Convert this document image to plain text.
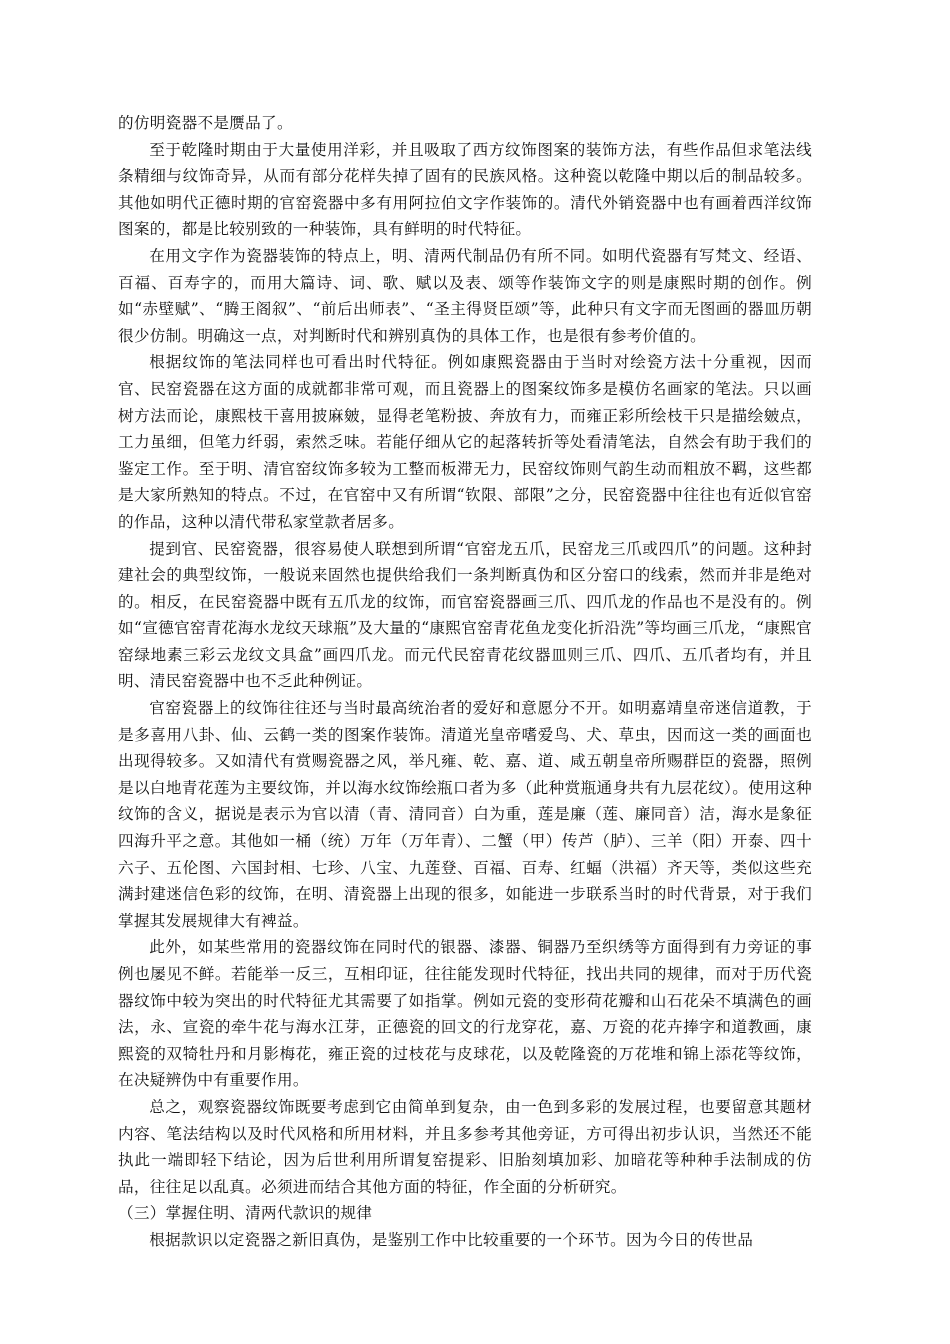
的仿明瓷器不是赝品了。

至于乾隆时期由于大量使用洋彩，并且吸取了西方纹饰图案的装饰方法，有些作品但求笔法线条精细与纹饰奇异，从而有部分花样失掉了固有的民族风格。这种瓷以乾隆中期以后的制品较多。其他如明代正德时期的官窑瓷器中多有用阿拉伯文字作装饰的。清代外销瓷器中也有画着西洋纹饰图案的，都是比较别致的一种装饰，具有鲜明的时代特征。

在用文字作为瓷器装饰的特点上，明、清两代制品仍有所不同。如明代瓷器有写梵文、经语、百福、百寿字的，而用大篇诗、词、歌、赋以及表、颂等作装饰文字的则是康熙时期的创作。例如“赤壁赋”、“腾王阁叙”、“前后出师表”、“圣主得贤臣颂”等，此种只有文字而无图画的器皿历朝很少仿制。明确这一点，对判断时代和辨别真伪的具体工作，也是很有参考价值的。

根据纹饰的笔法同样也可看出时代特征。例如康熙瓷器由于当时对绘瓷方法十分重视，因而官、民窑瓷器在这方面的成就都非常可观，而且瓷器上的图案纹饰多是模仿名画家的笔法。只以画树方法而论，康熙枝干喜用披麻皴，显得老笔粉披、奔放有力，而雍正彩所绘枝干只是描绘皴点，工力虽细，但笔力纤弱，索然乏味。若能仔细从它的起落转折等处看清笔法，自然会有助于我们的鉴定工作。至于明、清官窑纹饰多较为工整而板滞无力，民窑纹饰则气韵生动而粗放不羁，这些都是大家所熟知的特点。不过，在官窑中又有所谓“钦限、部限”之分，民窑瓷器中往往也有近似官窑的作品，这种以清代带私家堂款者居多。

提到官、民窑瓷器，很容易使人联想到所谓“官窑龙五爪，民窑龙三爪或四爪”的问题。这种封建社会的典型纹饰，一般说来固然也提供给我们一条判断真伪和区分窑口的线索，然而并非是绝对的。相反，在民窑瓷器中既有五爪龙的纹饰，而官窑瓷器画三爪、四爪龙的作品也不是没有的。例如“宣德官窑青花海水龙纹天球瓶”及大量的“康熙官窑青花鱼龙变化折沿洗”等均画三爪龙，“康熙官窑绿地素三彩云龙纹文具盒”画四爪龙。而元代民窑青花纹器皿则三爪、四爪、五爪者均有，并且明、清民窑瓷器中也不乏此种例证。

官窑瓷器上的纹饰往往还与当时最高统治者的爱好和意愿分不开。如明嘉靖皇帝迷信道教，于是多喜用八卦、仙、云鹤一类的图案作装饰。清道光皇帝嗜爱鸟、犬、草虫，因而这一类的画面也出现得较多。又如清代有赏赐瓷器之风，举凡雍、乾、嘉、道、咸五朝皇帝所赐群臣的瓷器，照例是以白地青花莲为主要纹饰，并以海水纹饰绘瓶口者为多（此种赏瓶通身共有九层花纹）。使用这种纹饰的含义，据说是表示为官以清（青、清同音）白为重，莲是廉（莲、廉同音）洁，海水是象征四海升平之意。其他如一桶（统）万年（万年青）、二蟹（甲）传芦（胪）、三羊（阳）开泰、四十六子、五伦图、六国封相、七珍、八宝、九莲登、百福、百寿、红蝠（洪福）齐天等，类似这些充满封建迷信色彩的纹饰，在明、清瓷器上出现的很多，如能进一步联系当时的时代背景，对于我们掌握其发展规律大有裨益。

此外，如某些常用的瓷器纹饰在同时代的银器、漆器、铜器乃至织绣等方面得到有力旁证的事例也屡见不鲜。若能举一反三，互相印证，往往能发现时代特征，找出共同的规律，而对于历代瓷器纹饰中较为突出的时代特征尤其需要了如指掌。例如元瓷的变形荷花瓣和山石花朵不填满色的画法，永、宣瓷的牵牛花与海水江芽，正德瓷的回文的行龙穿花，嘉、万瓷的花卉捧字和道教画，康熙瓷的双犄牡丹和月影梅花，雍正瓷的过枝花与皮球花，以及乾隆瓷的万花堆和锦上添花等纹饰，在决疑辨伪中有重要作用。

总之，观察瓷器纹饰既要考虑到它由简单到复杂，由一色到多彩的发展过程，也要留意其题材内容、笔法结构以及时代风格和所用材料，并且多参考其他旁证，方可得出初步认识，当然还不能执此一端即轻下结论，因为后世利用所谓复窑提彩、旧胎刻填加彩、加暗花等种种手法制成的仿品，往往足以乱真。必须进而结合其他方面的特征，作全面的分析研究。

（三）掌握住明、清两代款识的规律

根据款识以定瓷器之新旧真伪，是鉴别工作中比较重要的一个环节。因为今日的传世品
